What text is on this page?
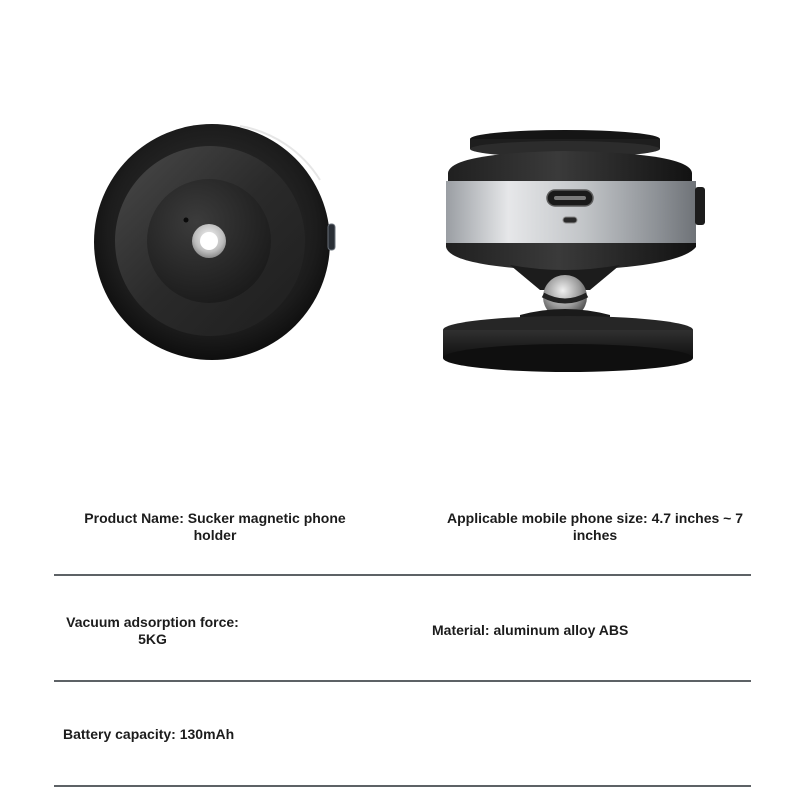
Product Name: Sucker magnetic phone holder
Applicable mobile phone size: 4.7 inches ~ 7 inches
Vacuum adsorption force:
5KG
Material: aluminum alloy ABS
Battery capacity: 130mAh
